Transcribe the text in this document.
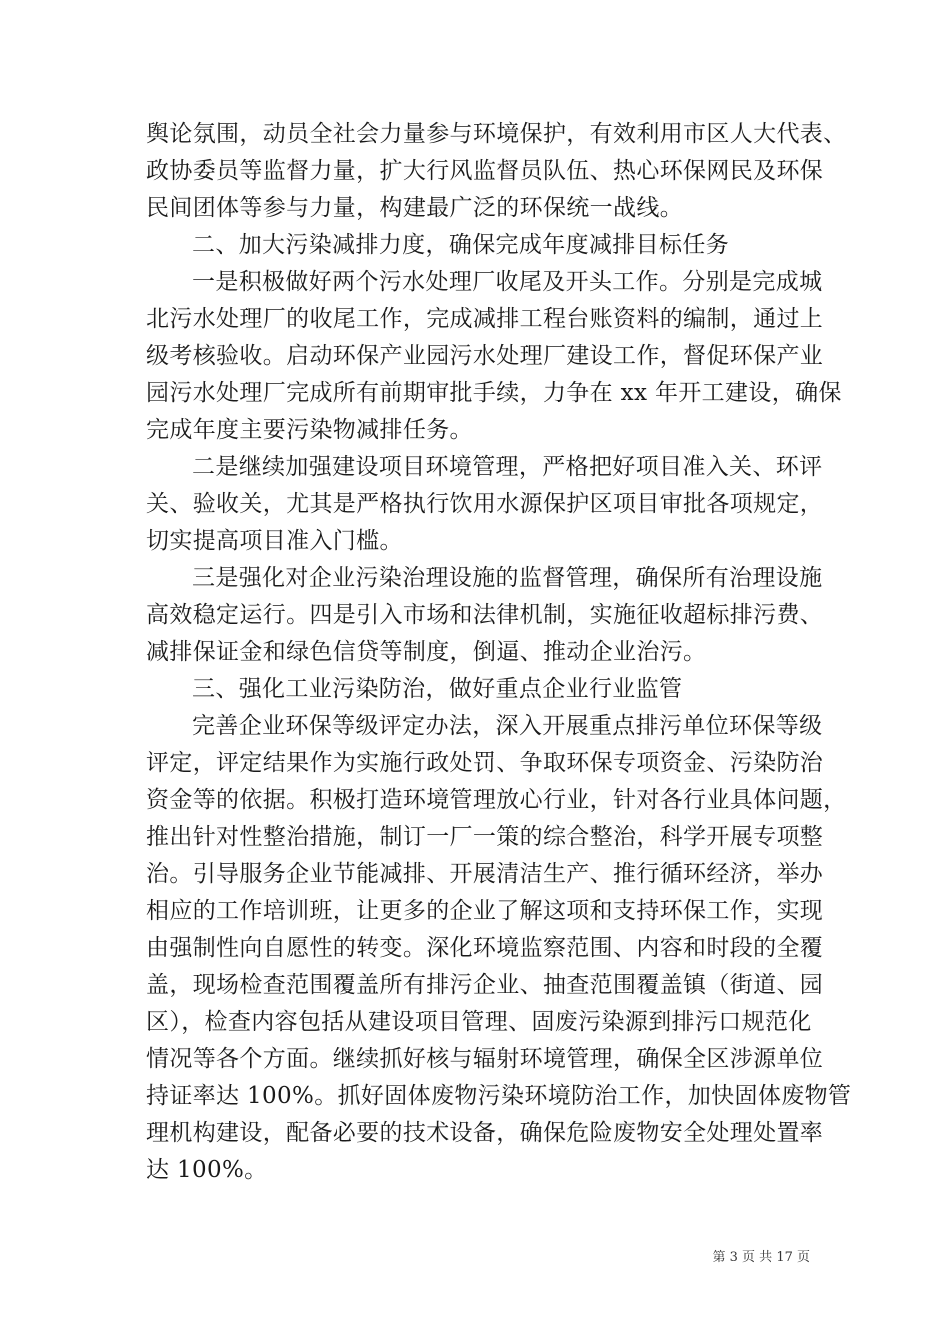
舆论氛围，动员全社会力量参与环境保护，有效利用市区人大代表、
政协委员等监督力量，扩大行风监督员队伍、热心环保网民及环保
民间团体等参与力量，构建最广泛的环保统一战线。
二、加大污染减排力度，确保完成年度减排目标任务
一是积极做好两个污水处理厂收尾及开头工作。分别是完成城
北污水处理厂的收尾工作，完成减排工程台账资料的编制，通过上
级考核验收。启动环保产业园污水处理厂建设工作，督促环保产业
园污水处理厂完成所有前期审批手续，力争在 xx 年开工建设，确保
完成年度主要污染物减排任务。
二是继续加强建设项目环境管理，严格把好项目准入关、环评
关、验收关，尤其是严格执行饮用水源保护区项目审批各项规定，
切实提高项目准入门槛。
三是强化对企业污染治理设施的监督管理，确保所有治理设施
高效稳定运行。四是引入市场和法律机制，实施征收超标排污费、
减排保证金和绿色信贷等制度，倒逼、推动企业治污。
三、强化工业污染防治，做好重点企业行业监管
完善企业环保等级评定办法，深入开展重点排污单位环保等级
评定，评定结果作为实施行政处罚、争取环保专项资金、污染防治
资金等的依据。积极打造环境管理放心行业，针对各行业具体问题，
推出针对性整治措施，制订一厂一策的综合整治，科学开展专项整
治。引导服务企业节能减排、开展清洁生产、推行循环经济，举办
相应的工作培训班，让更多的企业了解这项和支持环保工作，实现
由强制性向自愿性的转变。深化环境监察范围、内容和时段的全覆
盖，现场检查范围覆盖所有排污企业、抽查范围覆盖镇（街道、园
区），检查内容包括从建设项目管理、固废污染源到排污口规范化
情况等各个方面。继续抓好核与辐射环境管理，确保全区涉源单位
持证率达 100%。抓好固体废物污染环境防治工作，加快固体废物管
理机构建设，配备必要的技术设备，确保危险废物安全处理处置率
达 100%。
第 3 页 共 17 页
